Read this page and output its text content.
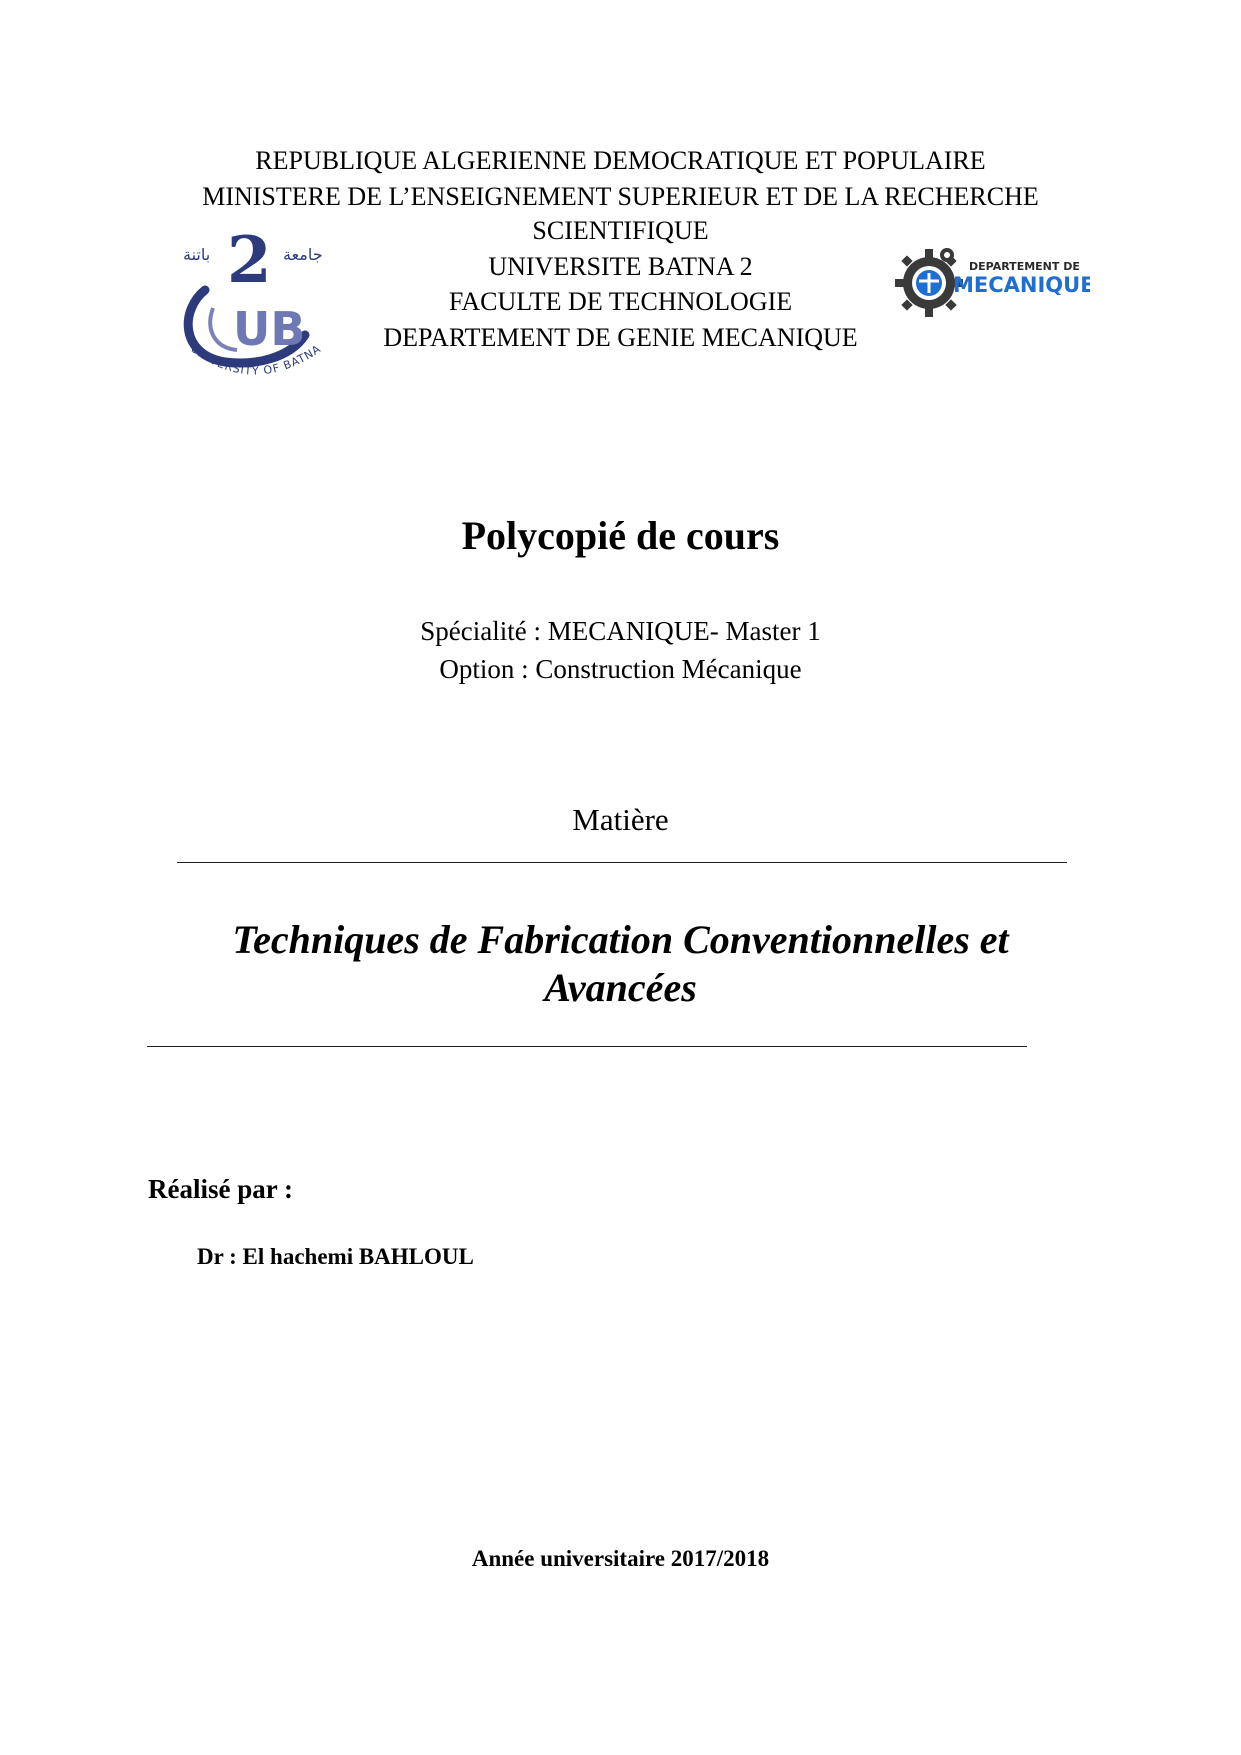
REPUBLIQUE ALGERIENNE DEMOCRATIQUE ET POPULAIRE
MINISTERE DE L’ENSEIGNEMENT SUPERIEUR ET DE LA RECHERCHE
SCIENTIFIQUE
UNIVERSITE BATNA 2
FACULTE DE TECHNOLOGIE
DEPARTEMENT DE GENIE MECANIQUE
باتنة	جامعة
2
UB
UNIVERSITY OF BATNA
DEPARTEMENT DE
MECANIQUE
Polycopié de cours
Spécialité : MECANIQUE- Master 1
Option : Construction Mécanique
Matière
Techniques de Fabrication Conventionnelles et
Avancées
Réalisé par :
Dr : El hachemi BAHLOUL
Année universitaire 2017/2018
